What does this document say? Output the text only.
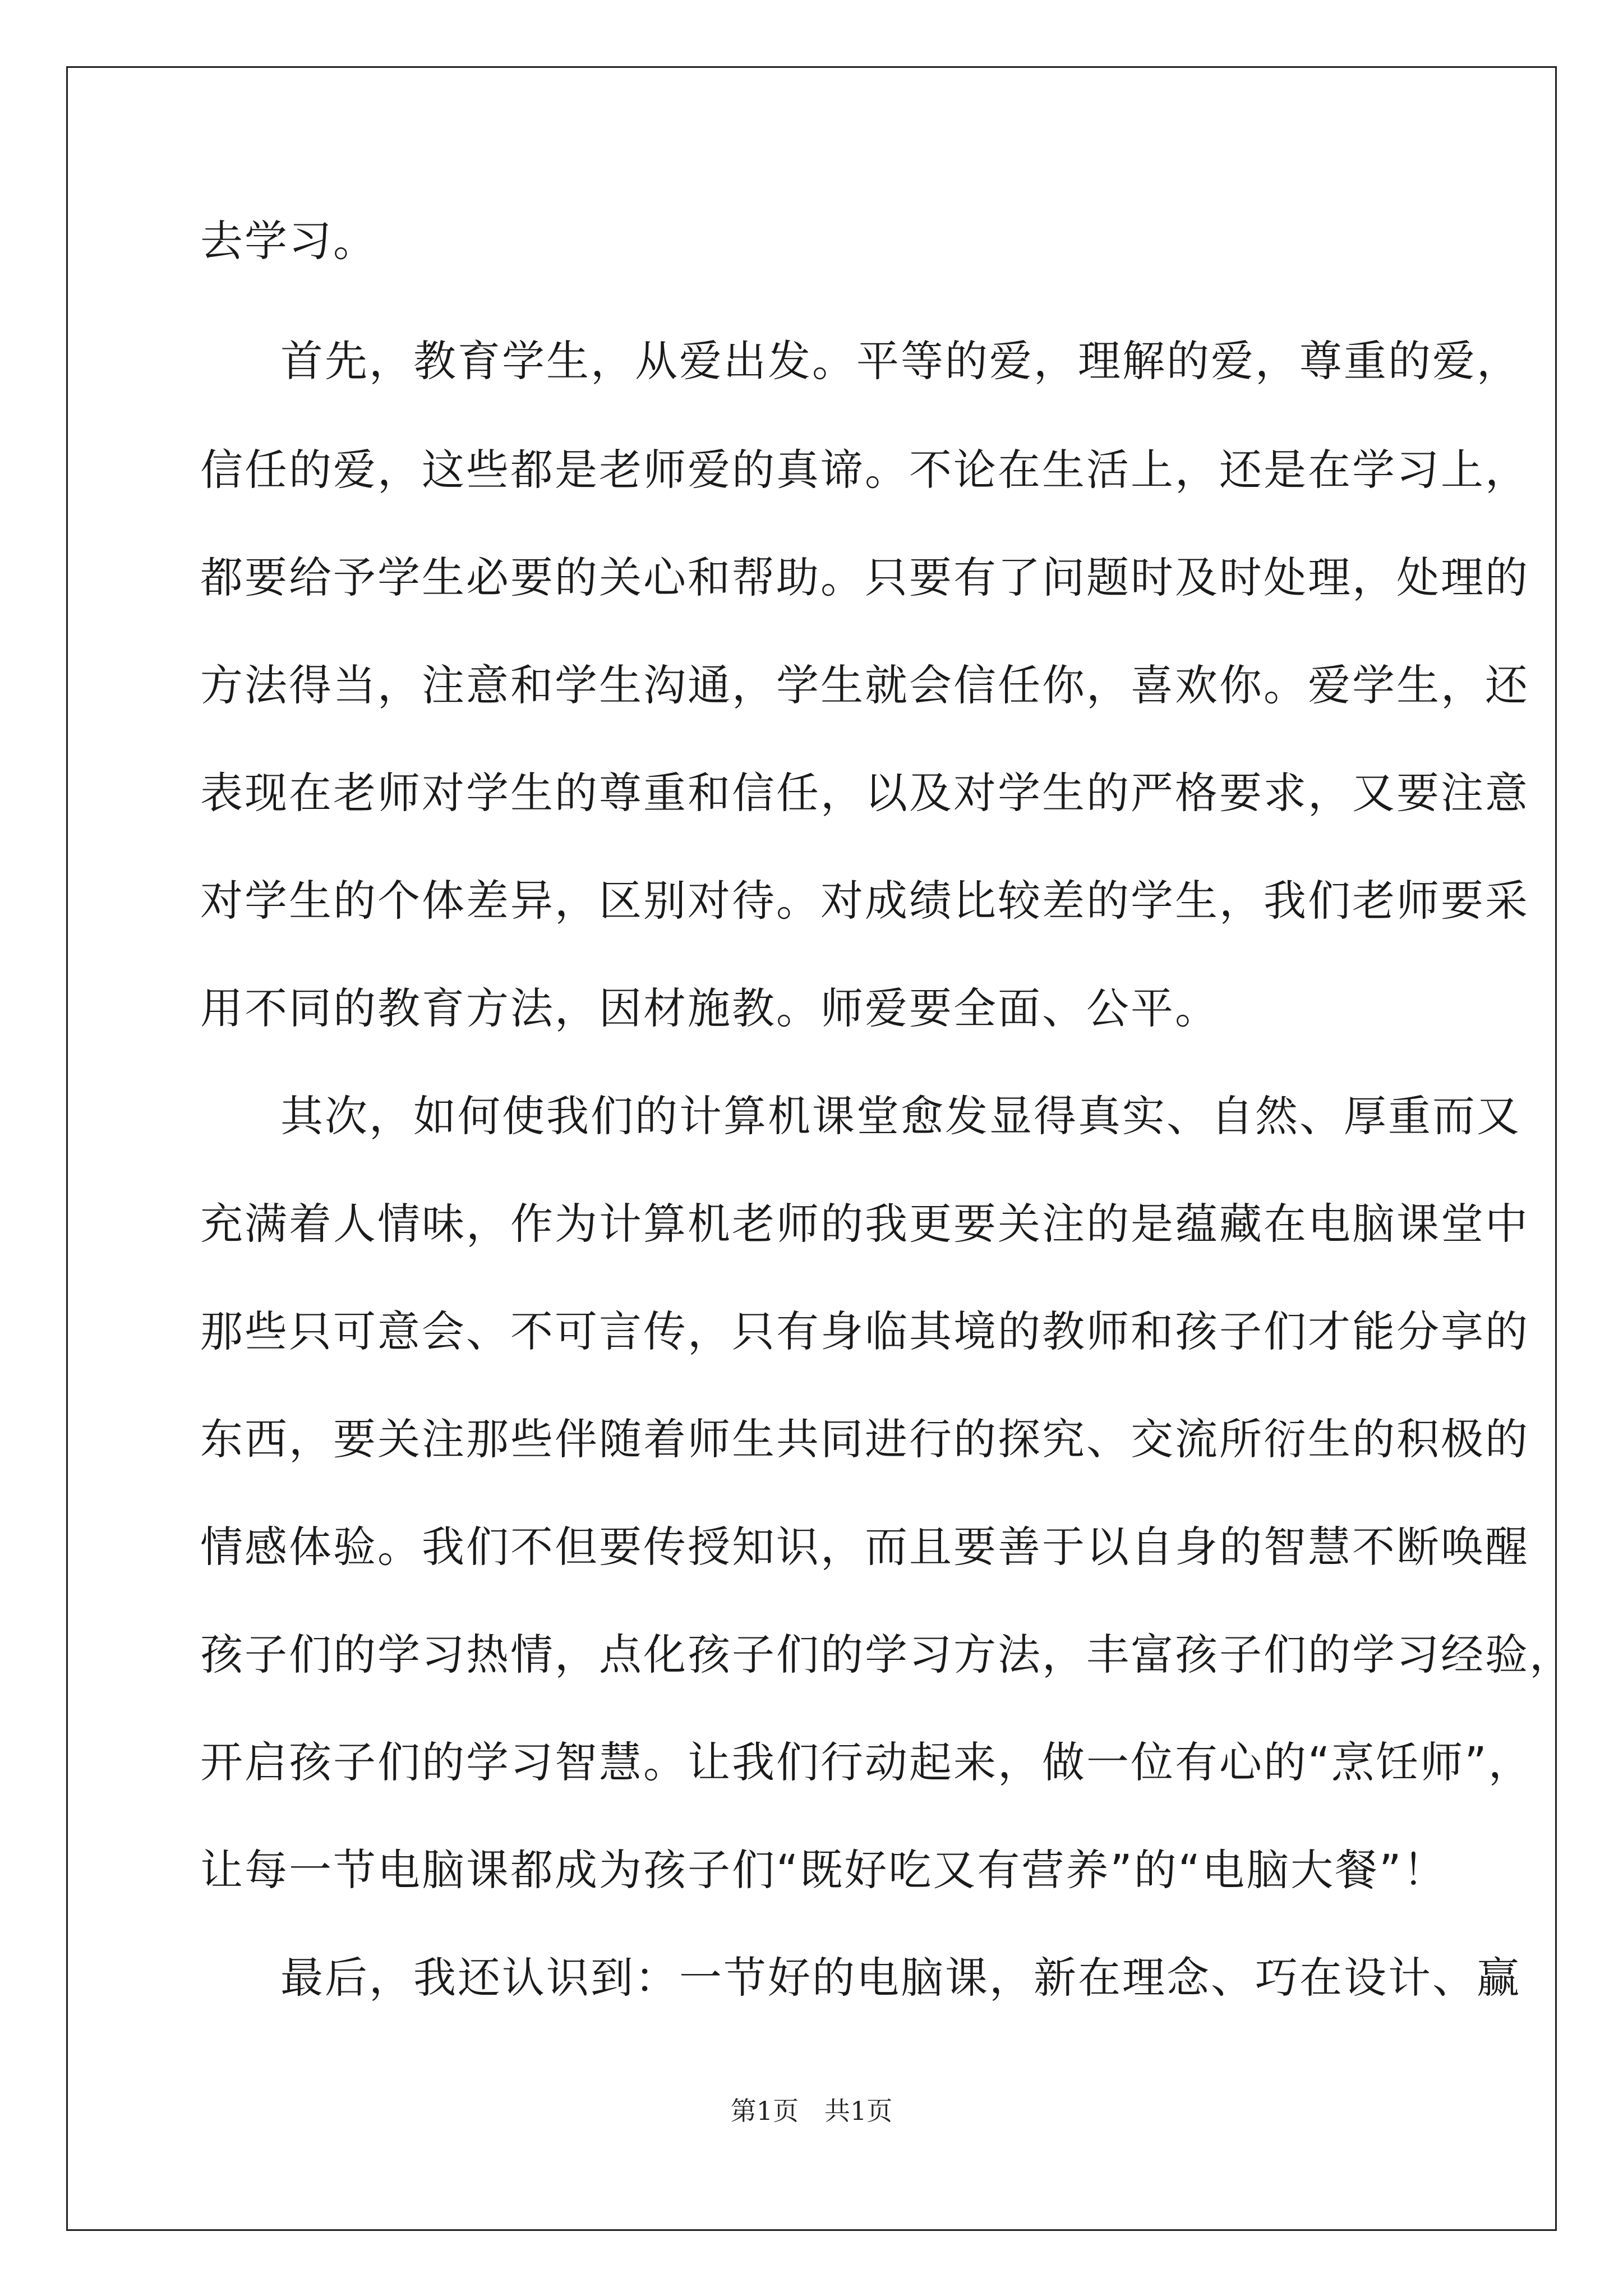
去学习。

首先，教育学生，从爱出发。平等的爱，理解的爱，尊重的爱，

信任的爱，这些都是老师爱的真谛。不论在生活上，还是在学习上，

都要给予学生必要的关心和帮助。只要有了问题时及时处理，处理的

方法得当，注意和学生沟通，学生就会信任你，喜欢你。爱学生，还

表现在老师对学生的尊重和信任，以及对学生的严格要求，又要注意

对学生的个体差异，区别对待。对成绩比较差的学生，我们老师要采

用不同的教育方法，因材施教。师爱要全面、公平。

其次，如何使我们的计算机课堂愈发显得真实、自然、厚重而又

充满着人情味，作为计算机老师的我更要关注的是蕴藏在电脑课堂中

那些只可意会、不可言传，只有身临其境的教师和孩子们才能分享的

东西，要关注那些伴随着师生共同进行的探究、交流所衍生的积极的

情感体验。我们不但要传授知识，而且要善于以自身的智慧不断唤醒

孩子们的学习热情，点化孩子们的学习方法，丰富孩子们的学习经验，

开启孩子们的学习智慧。让我们行动起来，做一位有心的“烹饪师”，

让每一节电脑课都成为孩子们“既好吃又有营养”的“电脑大餐”！

最后，我还认识到：一节好的电脑课，新在理念、巧在设计、赢

第1页　共1页
